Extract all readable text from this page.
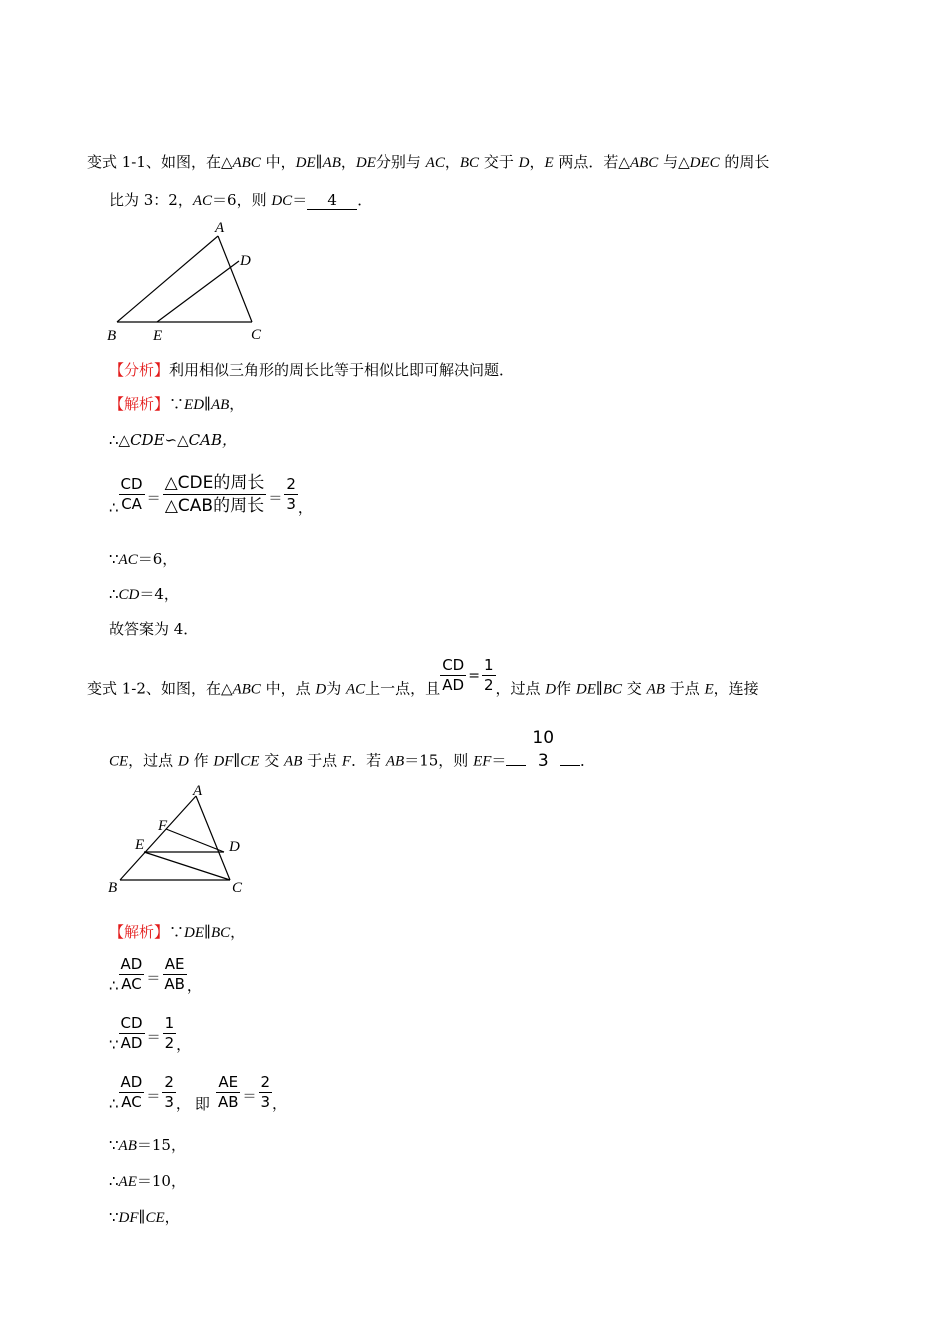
变式 1-1、如图，在△ABC 中，DE∥AB，DE分别与 AC，BC 交于 D，E 两点．若△ABC 与△DEC 的周长
比为 3：2，AC＝6，则 DC＝ 4 ．
A
B	C
D
E
【分析】利用相似三角形的周长比等于相似比即可解决问题．
【解析】∵ED∥AB，
∴△CDE∽△CAB，
∴ $\frac{CD}{CA} = \frac{\text{△CDE的周长}}{\text{△CAB的周长}} = \frac{2}{3}$ ，
∵AC＝6，
∴CD＝4，
故答案为 4．
变式 1-2、如图，在△ABC 中，点 D为 AC上一点，且 $\frac{CD}{AD} = \frac{1}{2}$ ，过点 D作 DE∥BC 交 AB 于点 E，连接
CE，过点 D 作 DF∥CE 交 AB 于点 F．若 AB＝15，则 $EF= \frac{10}{3}$ ．
A
B	C
D
E
F
【解析】∵DE∥BC，
∴ $\frac{AD}{AC} = \frac{AE}{AB}$ ，
∵ $\frac{CD}{AD} = \frac{1}{2}$ ，
∴ $\frac{AD}{AC} = \frac{2}{3}$ ， 即 $\frac{AE}{AB} = \frac{2}{3}$ ，
∵AB＝15，
∴AE＝10，
∵DF∥CE，
